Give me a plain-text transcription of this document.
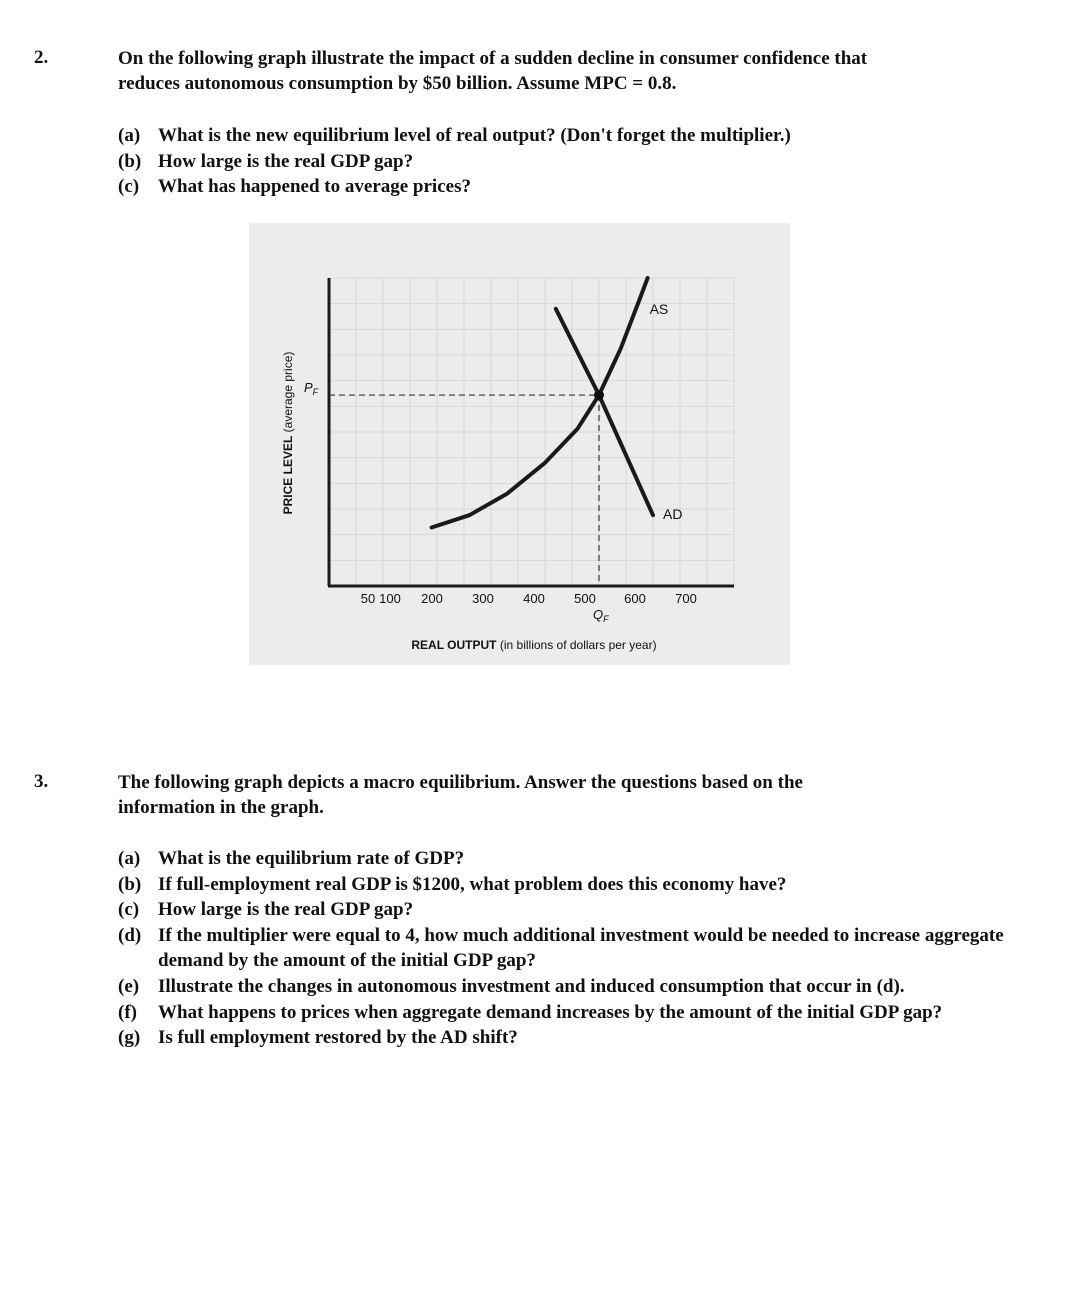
2.	On the following graph illustrate the impact of a sudden decline in consumer confidence that
reduces autonomous consumption by $50 billion. Assume MPC = 0.8.
(a) What is the new equilibrium level of real output? (Don't forget the multiplier.)
(b) How large is the real GDP gap?
(c) What has happened to average prices?
AS
AD
$P_F$
$Q_F$
50 100 200 300 400 500 600 700
REAL OUTPUT (in billions of dollars per year)
PRICE LEVEL (average price)
3.	The following graph depicts a macro equilibrium. Answer the questions based on the
information in the graph.
(a) What is the equilibrium rate of GDP?
(b) If full-employment real GDP is $1200, what problem does this economy have?
(c) How large is the real GDP gap?
(d) If the multiplier were equal to 4, how much additional investment would be needed to increase aggregate demand by the amount of the initial GDP gap?
(e) Illustrate the changes in autonomous investment and induced consumption that occur in (d).
(f) What happens to prices when aggregate demand increases by the amount of the initial GDP gap?
(g) Is full employment restored by the AD shift?
